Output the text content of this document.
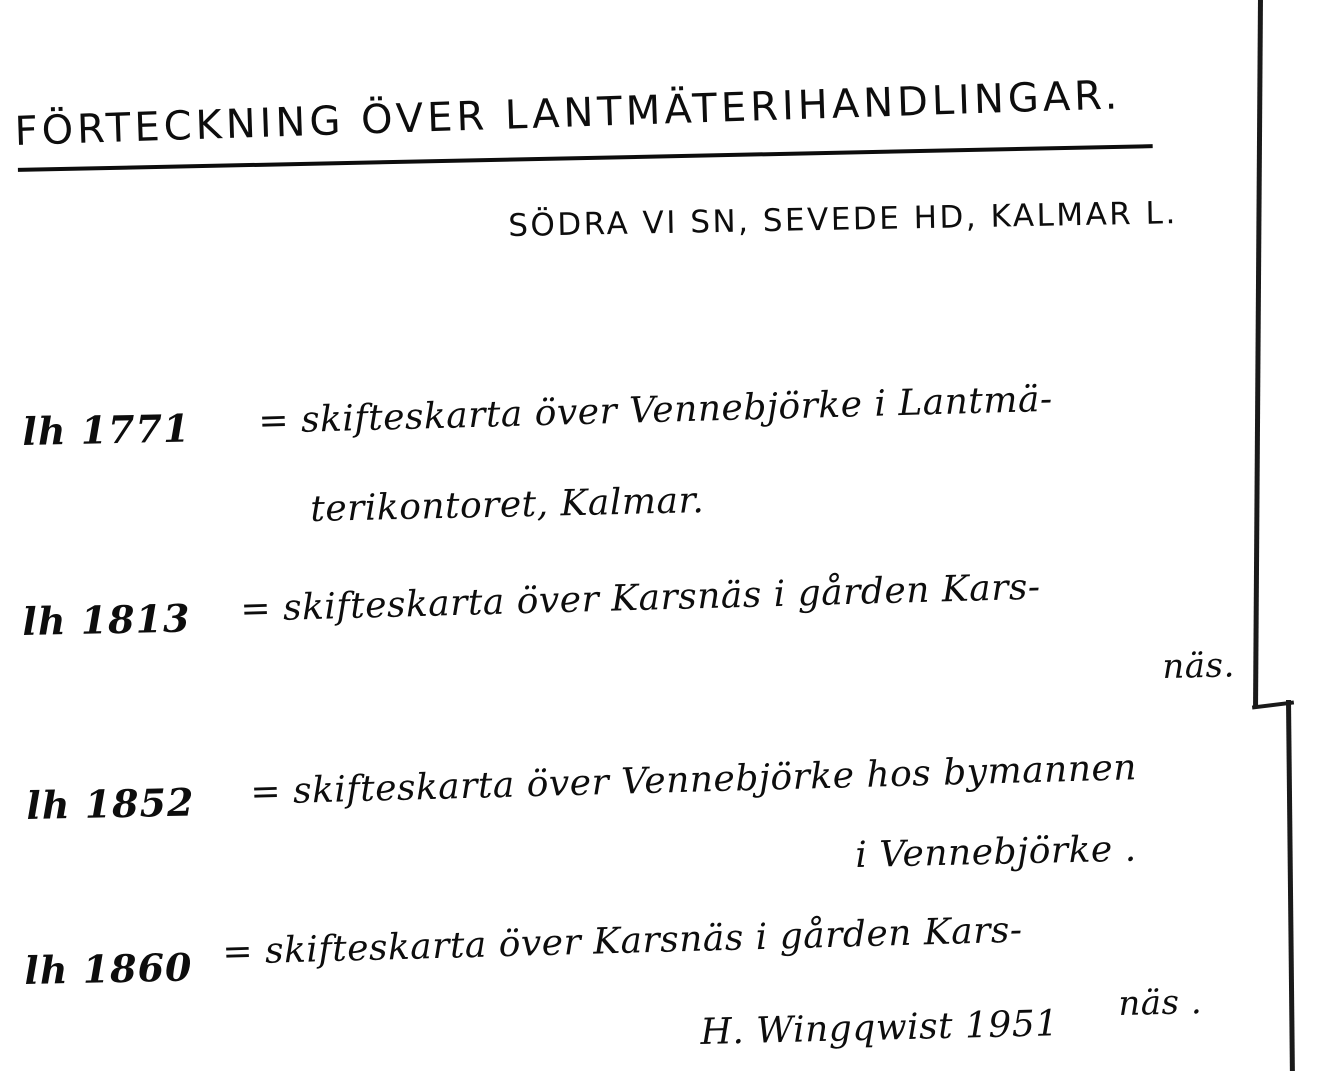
FÖRTECKNING ÖVER LANTMÄTERIHANDLINGAR.
SÖDRA VI SN, SEVEDE HD, KALMAR L.
lh 1771 = skifteskarta över Vennebjörke i Lantmä-
terikontoret, Kalmar.
lh 1813 = skifteskarta över Karsnäs i gården Kars-
näs.
lh 1852 = skifteskarta över Vennebjörke hos bymannen
i Vennebjörke .
lh 1860 = skifteskarta över Karsnäs i gården Kars-
näs .
H. Wingqwist 1951
